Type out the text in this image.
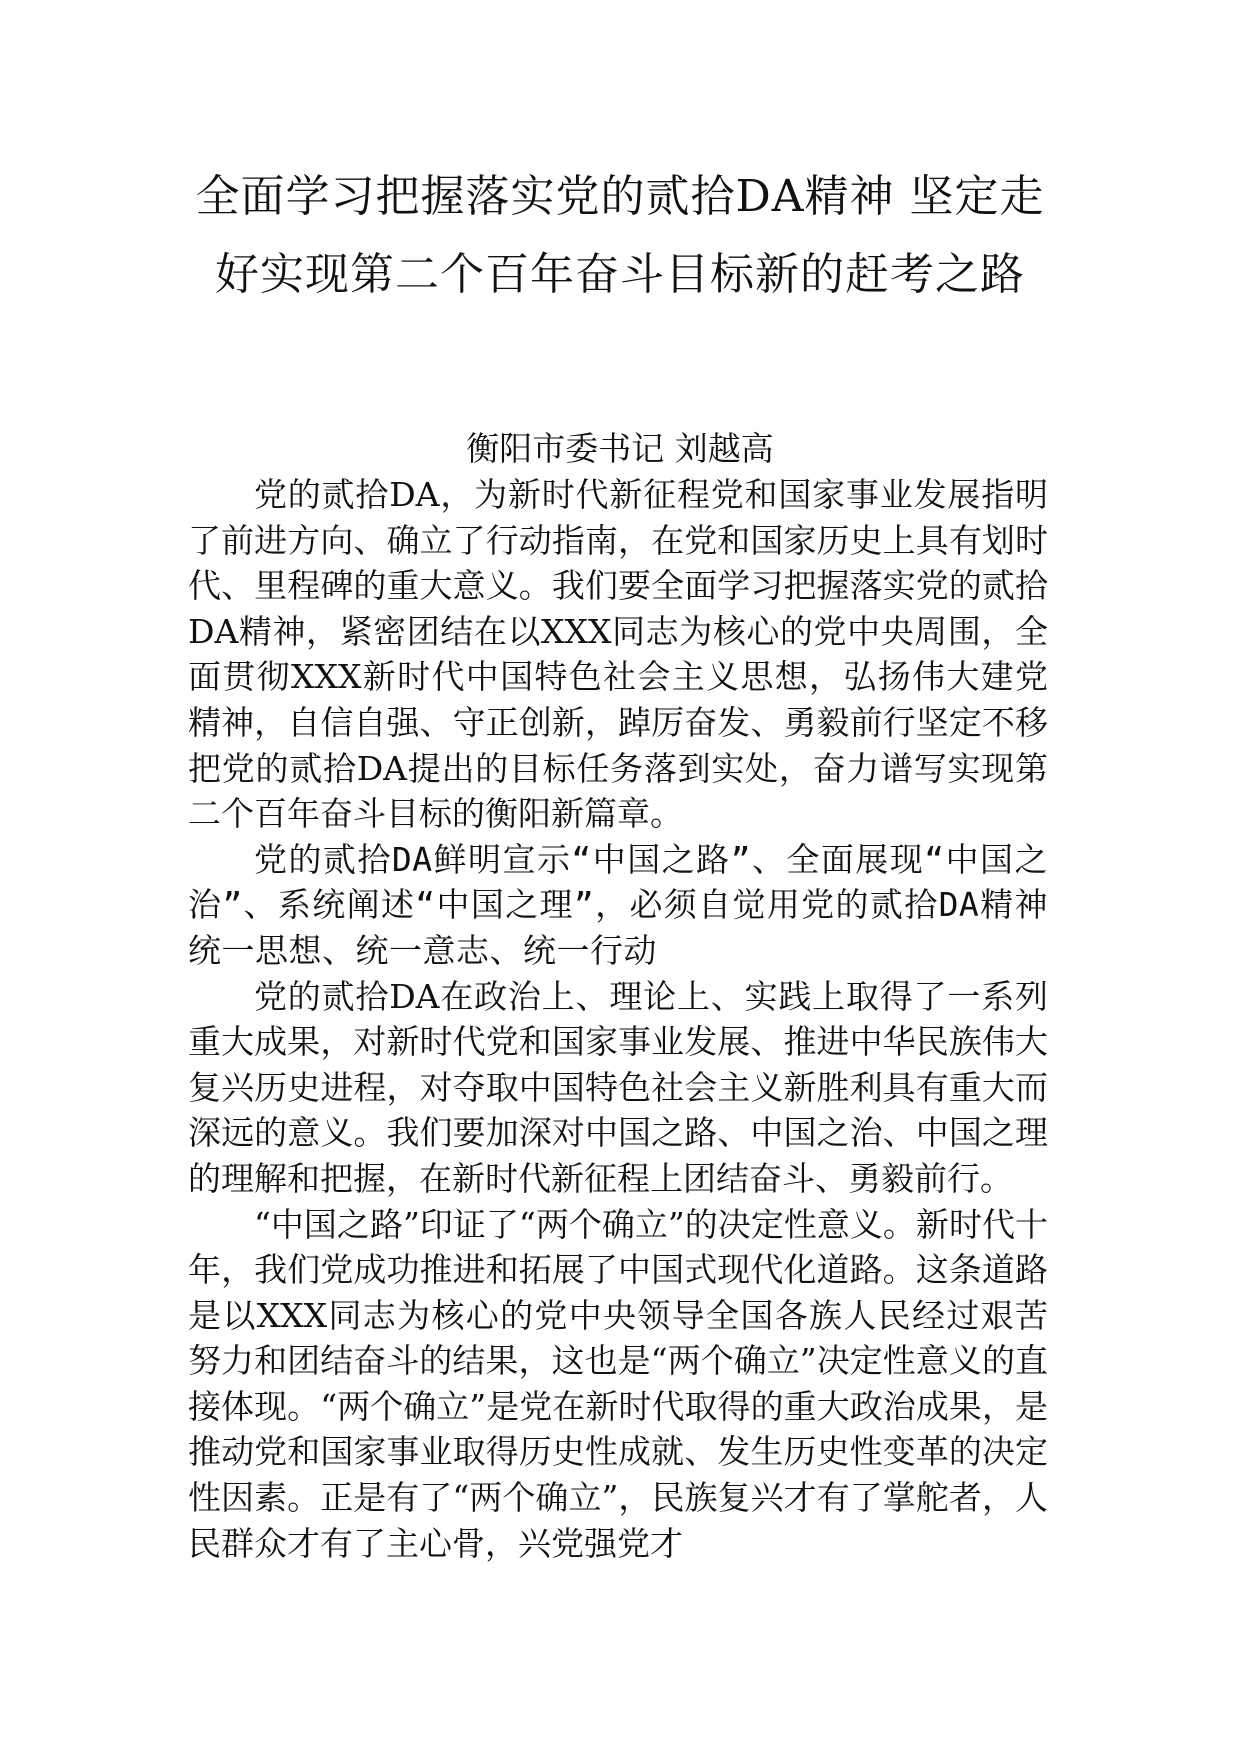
全面学习把握落实党的贰拾DA精神 坚定走好实现第二个百年奋斗目标新的赶考之路
衡阳市委书记 刘越高

党的贰拾DA，为新时代新征程党和国家事业发展指明了前进方向、确立了行动指南，在党和国家历史上具有划时代、里程碑的重大意义。我们要全面学习把握落实党的贰拾DA精神，紧密团结在以XXX同志为核心的党中央周围，全面贯彻XXX新时代中国特色社会主义思想，弘扬伟大建党精神，自信自强、守正创新，踔厉奋发、勇毅前行坚定不移把党的贰拾DA提出的目标任务落到实处，奋力谱写实现第二个百年奋斗目标的衡阳新篇章。

党的贰拾DA鲜明宣示“中国之路”、全面展现“中国之治”、系统阐述“中国之理”，必须自觉用党的贰拾DA精神统一思想、统一意志、统一行动

党的贰拾DA在政治上、理论上、实践上取得了一系列重大成果，对新时代党和国家事业发展、推进中华民族伟大复兴历史进程，对夺取中国特色社会主义新胜利具有重大而深远的意义。我们要加深对中国之路、中国之治、中国之理的理解和把握，在新时代新征程上团结奋斗、勇毅前行。

“中国之路”印证了“两个确立”的决定性意义。新时代十年，我们党成功推进和拓展了中国式现代化道路。这条道路是以XXX同志为核心的党中央领导全国各族人民经过艰苦努力和团结奋斗的结果，这也是“两个确立”决定性意义的直接体现。“两个确立”是党在新时代取得的重大政治成果，是推动党和国家事业取得历史性成就、发生历史性变革的决定性因素。正是有了“两个确立”，民族复兴才有了掌舵者，人民群众才有了主心骨，兴党强党才
